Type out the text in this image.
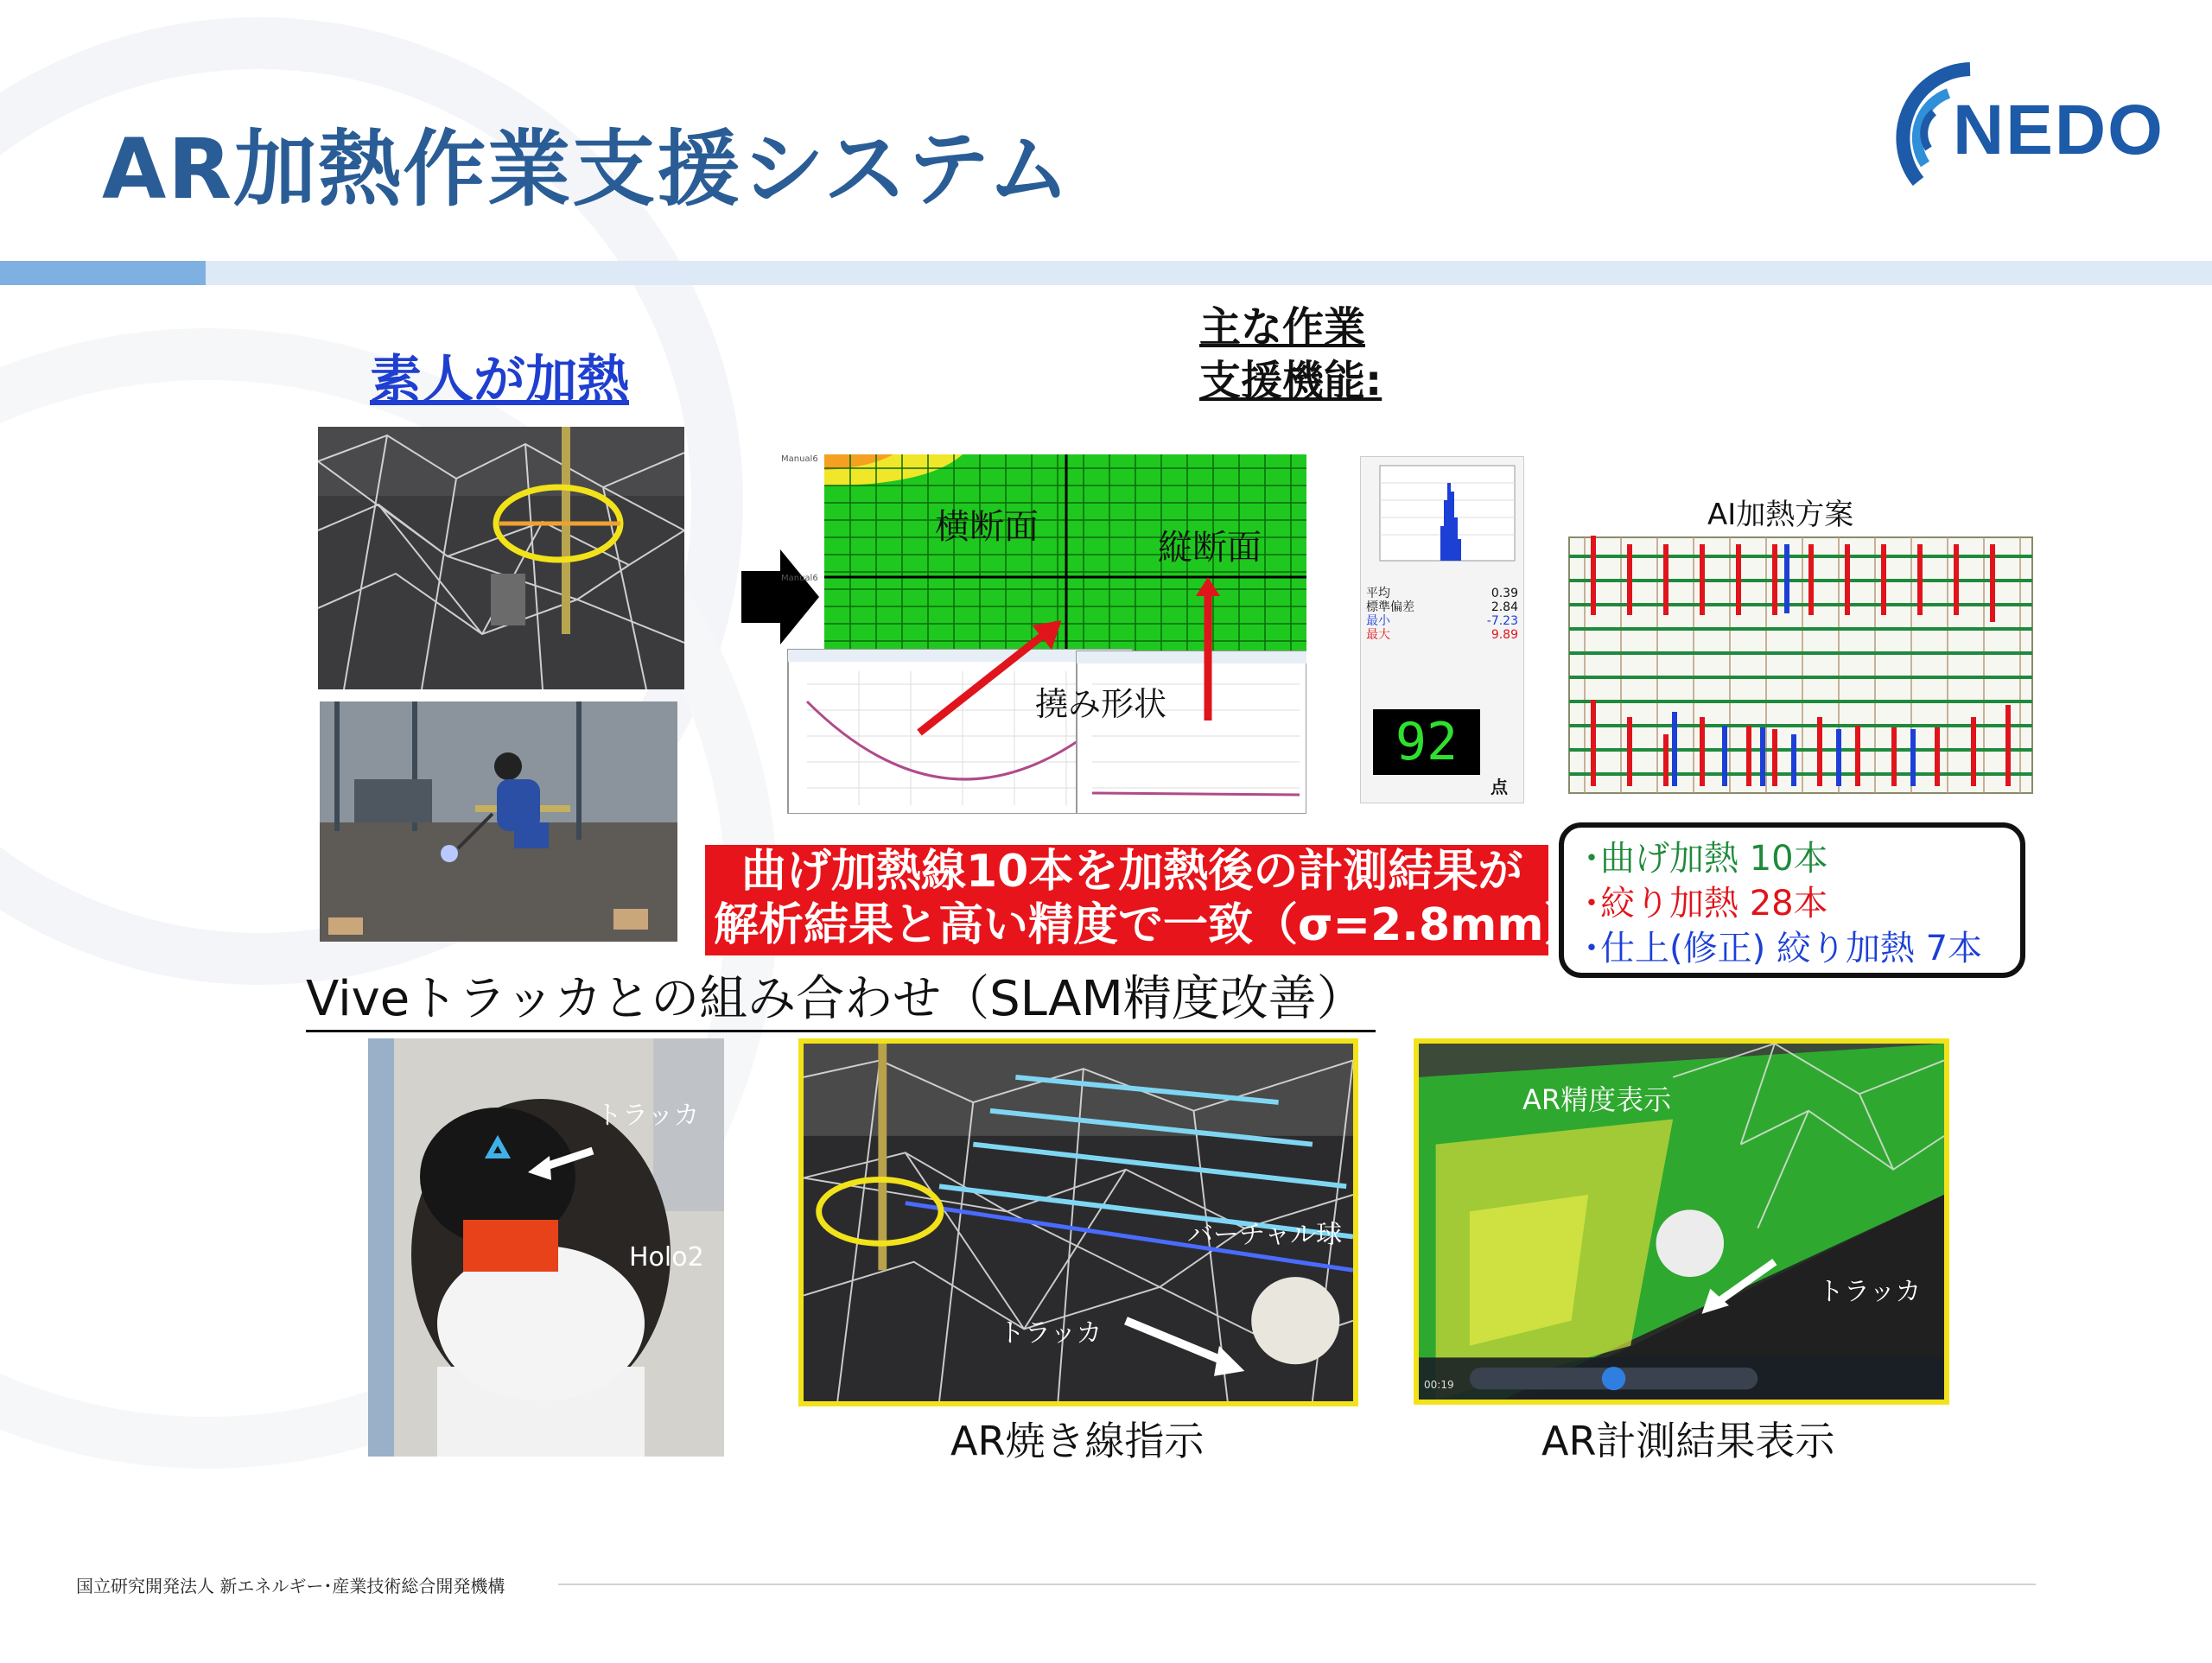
AR加熱作業支援システム	NEDO
素人が加熱
主な作業
支援機能:
Manual6
Manual6
横断面
縦断面
撓み形状
平均	0.39
標準偏差	2.84
最小	-7.23
最大	9.89
92
点
AI加熱方案
曲げ加熱線10本を加熱後の計測結果が
解析結果と高い精度で一致（σ=2.8mm）
･曲げ加熱 10本
･絞り加熱 28本
･仕上(修正) 絞り加熱 7本
Viveトラッカとの組み合わせ（SLAM精度改善）
トラッカ
Holo2
バーチャル球
トラッカ
AR精度表示
トラッカ
00:19
AR焼き線指示	AR計測結果表示
国立研究開発法人 新エネルギー･産業技術総合開発機構
